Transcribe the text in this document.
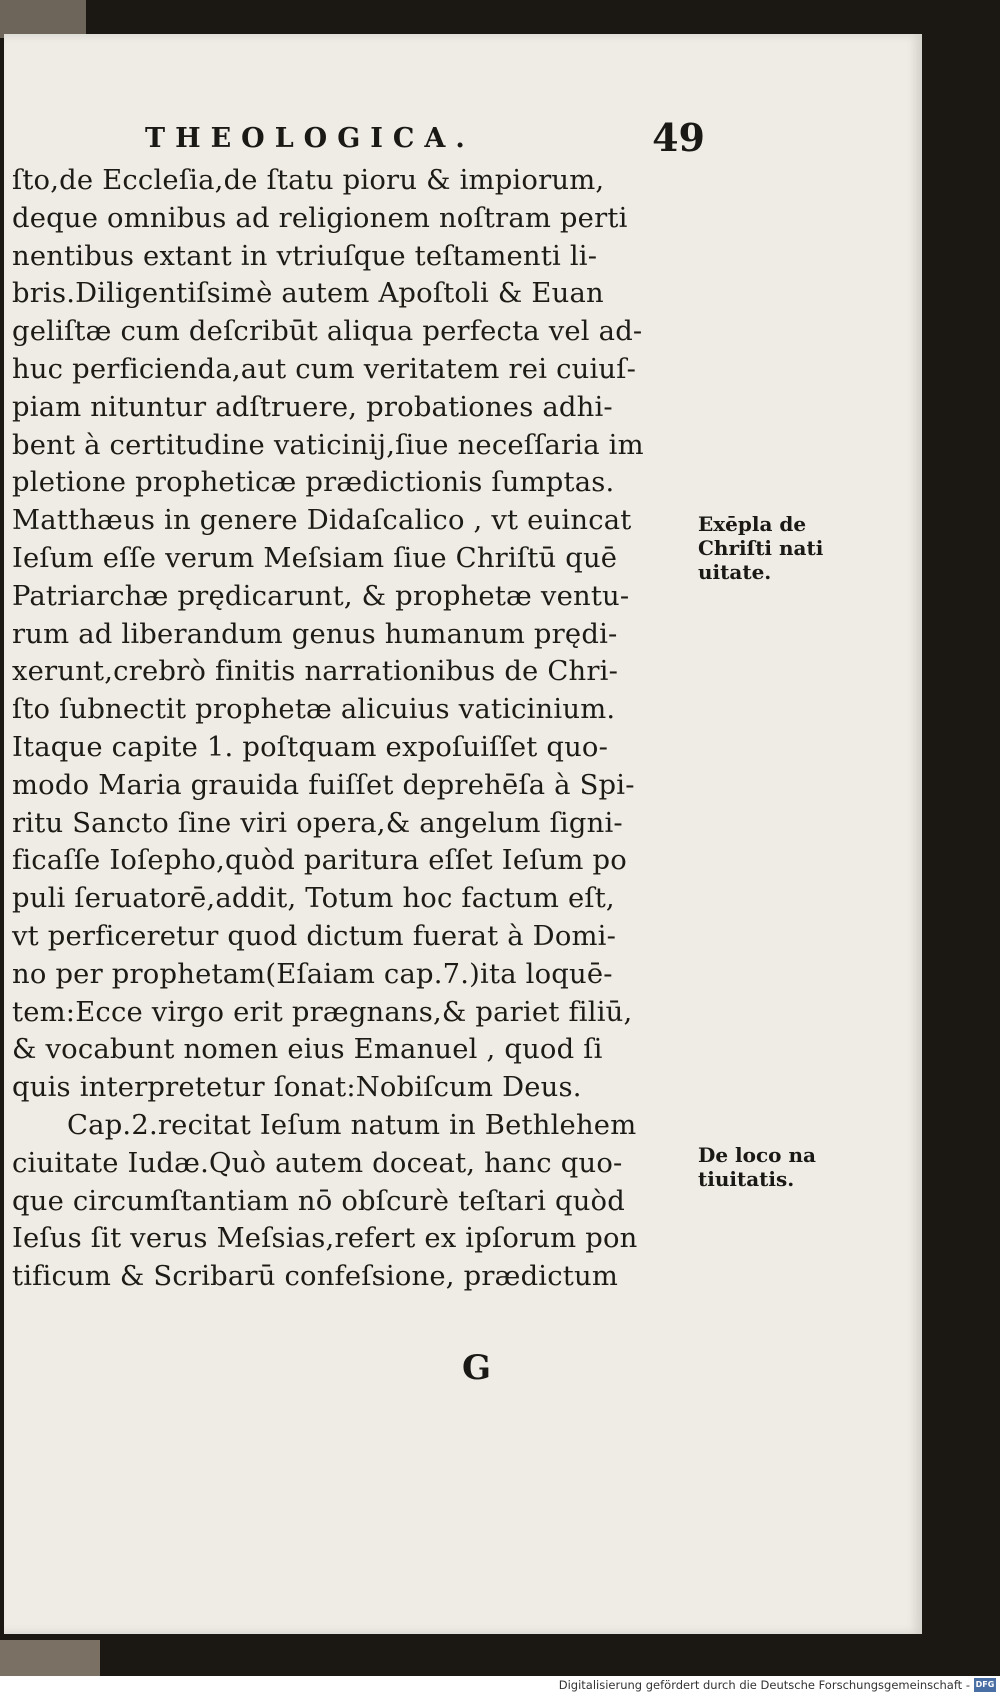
THEOLOGICA.	49
ſto,de Eccleſia,de ſtatu pioru & impiorum,
deque omnibus ad religionem noſtram perti
nentibus extant in vtriuſque teſtamenti li-
bris.Diligentiſsimè autem Apoſtoli & Euan
geliſtæ cum deſcribūt aliqua perfecta vel ad-
huc perficienda,aut cum veritatem rei cuiuſ-
piam nituntur adſtruere, probationes adhi-
bent à certitudine vaticinij,ſiue neceſſaria im
pletione propheticæ prædictionis ſumptas.
Matthæus in genere Didaſcalico , vt euincat
Ieſum eſſe verum Meſsiam ſiue Chriſtū quē
Patriarchæ prędicarunt, & prophetæ ventu-
rum ad liberandum genus humanum prędi-
xerunt,crebrò finitis narrationibus de Chri-
ſto ſubnectit prophetæ alicuius vaticinium.
Itaque capite 1. poſtquam expoſuiſſet quo-
modo Maria grauida fuiſſet deprehēſa à Spi-
ritu Sancto ſine viri opera,& angelum ſigni-
ficaſſe Ioſepho,quòd paritura eſſet Ieſum po
puli ſeruatorē,addit, Totum hoc factum eſt,
vt perficeretur quod dictum fuerat à Domi-
no per prophetam(Eſaiam cap.7.)ita loquē-
tem:Ecce virgo erit prægnans,& pariet filiū,
& vocabunt nomen eius Emanuel , quod ſi
quis interpretetur ſonat:Nobiſcum Deus.
Cap.2.recitat Ieſum natum in Bethlehem
ciuitate Iudæ.Quò autem doceat, hanc quo-
que circumſtantiam nō obſcurè teſtari quòd
Ieſus ſit verus Meſsias,refert ex ipſorum pon
tificum & Scribarū confeſsione, prædictum
Exēpla de
Chriſti nati
uitate.
De loco na
tiuitatis.
G
Digitalisierung gefördert durch die Deutsche Forschungsgemeinschaft - DFG
